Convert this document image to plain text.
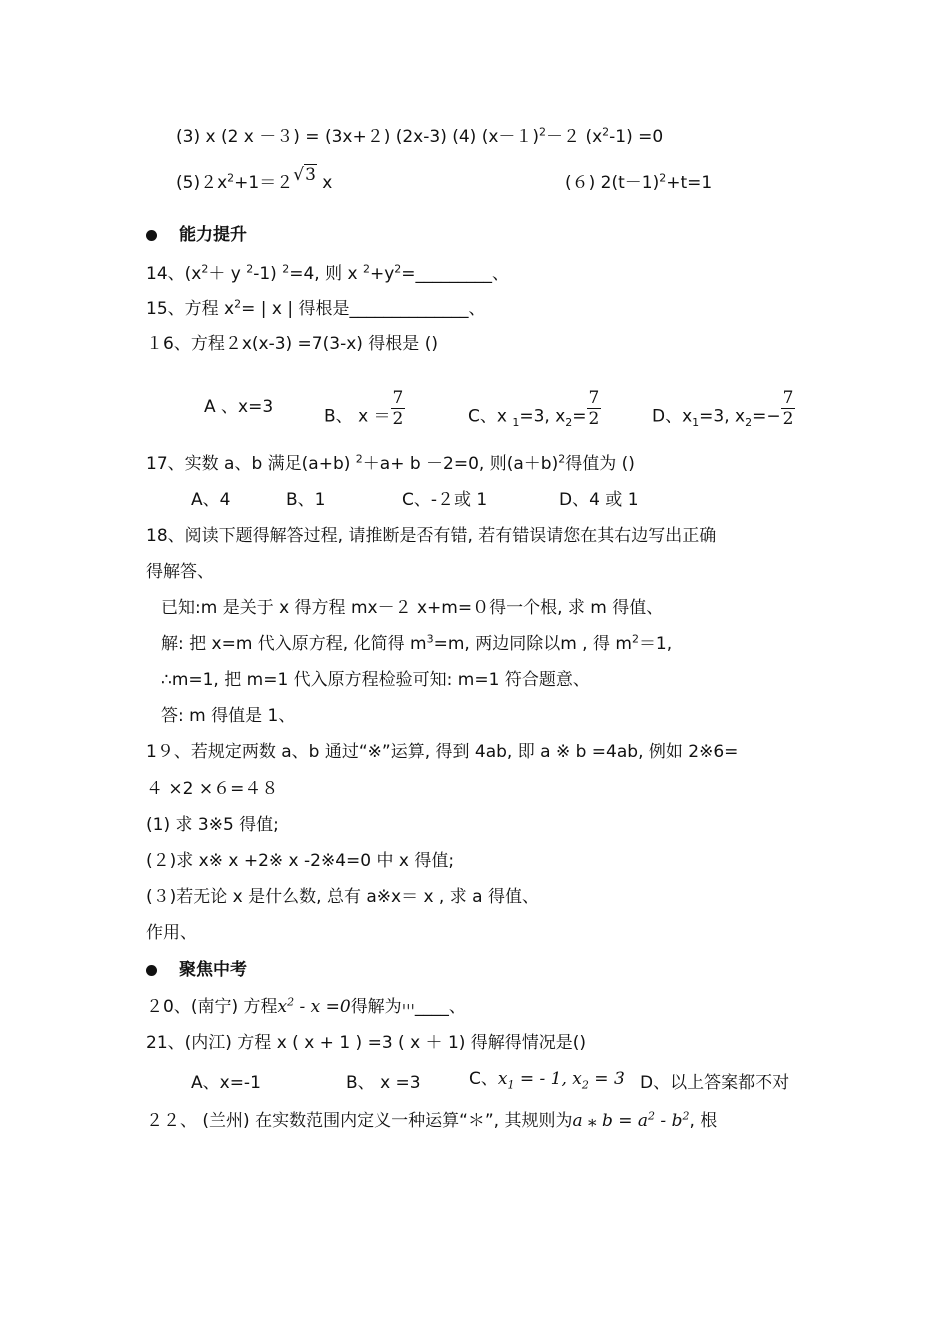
(3) x (2 x －３) = (3x+２) (2x-3) (4) $(x-1)^2-2$ $(x^2-1) =0$
$(5)2x^2+1=2√3$ x	(６) $2(t-1)^2+t=1$
能力提升
14、($x^2+ y$ $^2$-1) $^2$=4, 则 x $^2+y^2=\_\_\_\_\_\_\_\_\_$、
15、方程 $x^2=$ | x | 得根是______________、
１6、方程２x(x-3) =7(3-x) 得根是 ()
A 、x=3	B、 $x = \frac{7}{2}$	C、x $_1$=3, $x_2= \frac{7}{2}$	D、$x_1=3$, $x_2=- \frac{7}{2}$
17、实数 a、b 满足(a+b) $^2$＋a+ b －2=0, 则$(a+b)^2$得值为 ()
A、4	B、1	C、-２或 1	D、4 或 1
18、阅读下题得解答过程, 请推断是否有错, 若有错误请您在其右边写出正确
得解答、
已知:m 是关于 x 得方程 mx－２ x+m=０得一个根, 求 m 得值、
解: 把 x=m 代入原方程, 化简得 $m^3=m$, 两边同除以m , 得 $m^2=1$,
∴m=1, 把 m=1 代入原方程检验可知: m=1 符合题意、
答: m 得值是 1、
1９、若规定两数 a、b 通过“※”运算, 得到 4ab, 即 a ※ b =4ab, 例如 2※6=
４ ×2 ×６=４８
(1) 求 3※5 得值;
(２)求 x※ x +2※ x -2※4=0 中 x 得值;
(３)若无论 x 是什么数, 总有 a※x＝ x , 求 a 得值、
作用、
聚焦中考
２0、(南宁) 方程$x^2 - x =0$得解为ꞋꞋꞋ____、
21、(内江) 方程 x ( x + 1 ) =3 ( x ＋ 1) 得解得情况是()
A、x=-1	B、 x =3	C、$x_1$ = - 1, $x_2 = 3$ D、以上答案都不对
２２、 (兰州) 在实数范围内定义一种运算“＊”, 其规则为a ⁎ $b = a^2 - b^2$, 根
